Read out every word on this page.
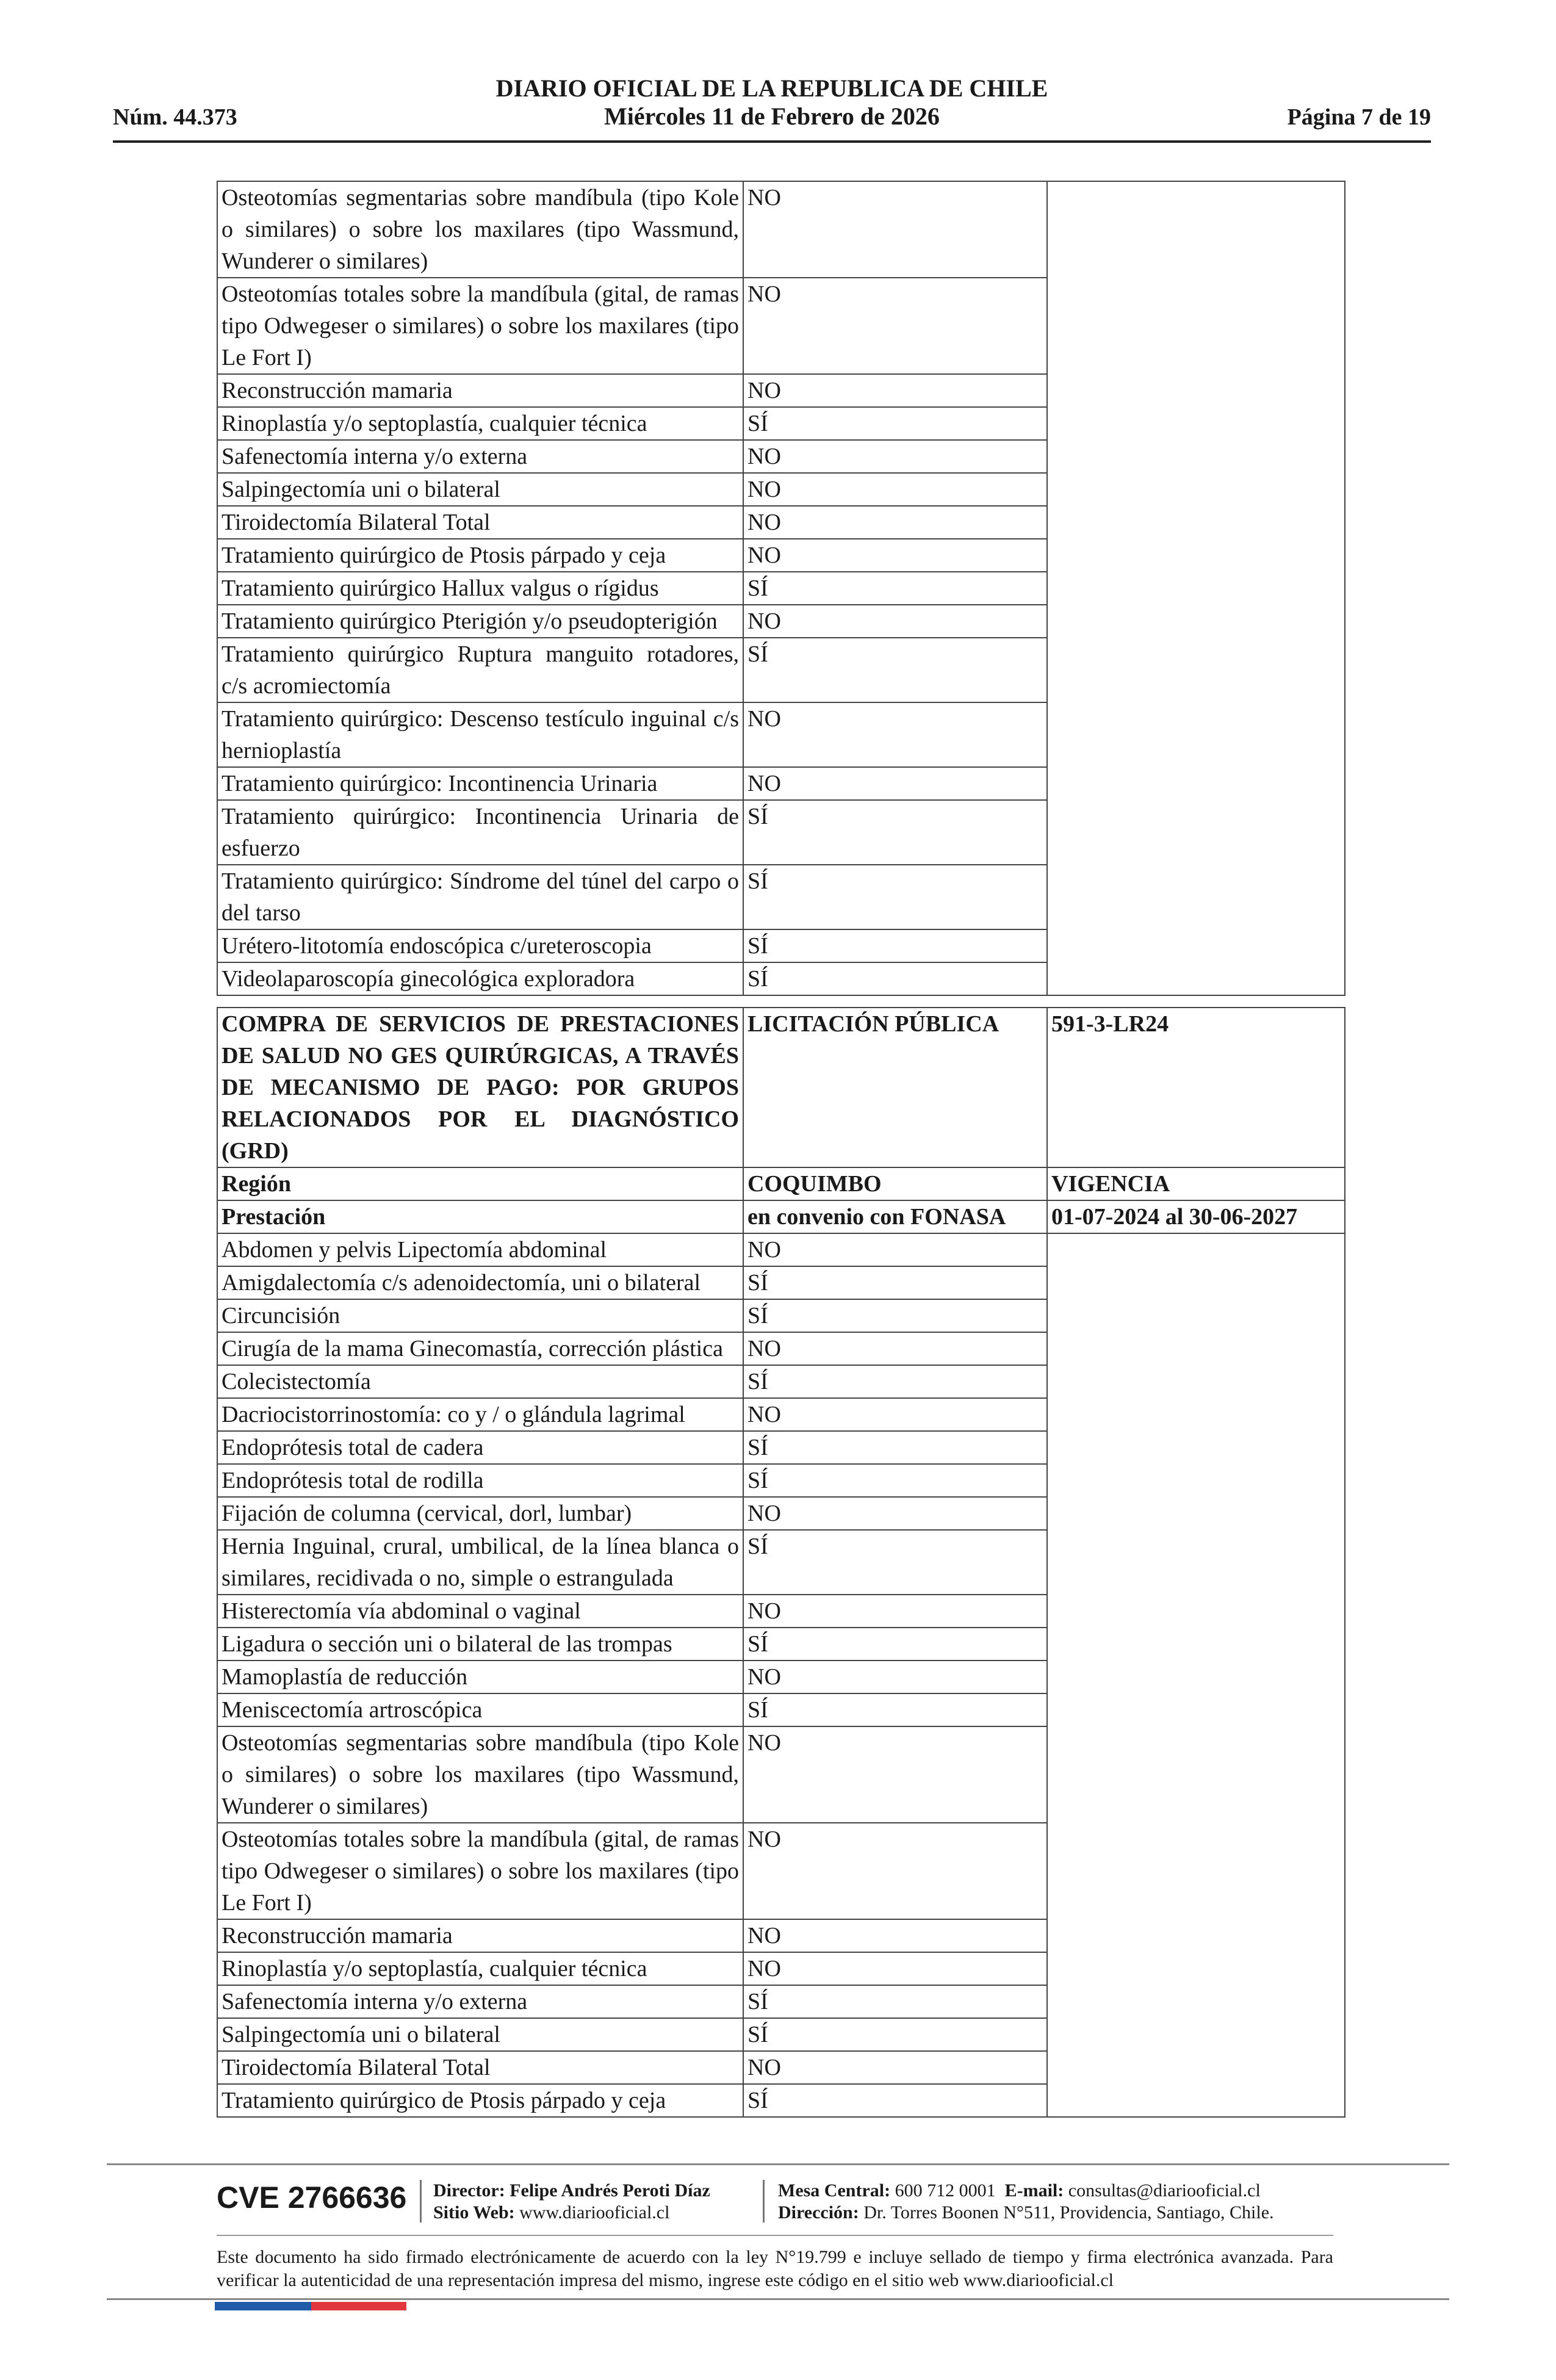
Núm. 44.373
DIARIO OFICIAL DE LA REPUBLICA DE CHILE
Miércoles 11 de Febrero de 2026	Página 7 de 19
Osteotomías segmentarias sobre mandíbula (tipo Kole o similares) o sobre los maxilares (tipo Wassmund, Wunderer o similares)	NO	
Osteotomías totales sobre la mandíbula (gital, de ramas tipo Odwegeser o similares) o sobre los maxilares (tipo Le Fort I)	NO	
Reconstrucción mamaria	NO	
Rinoplastía y/o septoplastía, cualquier técnica	SÍ	
Safenectomía interna y/o externa	NO	
Salpingectomía uni o bilateral	NO	
Tiroidectomía Bilateral Total	NO	
Tratamiento quirúrgico de Ptosis párpado y ceja	NO	
Tratamiento quirúrgico Hallux valgus o rígidus	SÍ	
Tratamiento quirúrgico Pterigión y/o pseudopterigión	NO	
Tratamiento quirúrgico Ruptura manguito rotadores, c/s acromiectomía	SÍ	
Tratamiento quirúrgico: Descenso testículo inguinal c/s hernioplastía	NO	
Tratamiento quirúrgico: Incontinencia Urinaria	NO	
Tratamiento quirúrgico: Incontinencia Urinaria de esfuerzo	SÍ	
Tratamiento quirúrgico: Síndrome del túnel del carpo o del tarso	SÍ	
Urétero-litotomía endoscópica c/ureteroscopia	SÍ	
Videolaparoscopía ginecológica exploradora	SÍ	
COMPRA DE SERVICIOS DE PRESTACIONES DE SALUD NO GES QUIRÚRGICAS, A TRAVÉS DE MECANISMO DE PAGO: POR GRUPOS RELACIONADOS POR EL DIAGNÓSTICO (GRD)	LICITACIÓN PÚBLICA	591-3-LR24
Región	COQUIMBO	VIGENCIA
Prestación	en convenio con FONASA	01-07-2024 al 30-06-2027
Abdomen y pelvis Lipectomía abdominal	NO	
Amigdalectomía c/s adenoidectomía, uni o bilateral	SÍ	
Circuncisión	SÍ	
Cirugía de la mama Ginecomastía, corrección plástica	NO	
Colecistectomía	SÍ	
Dacriocistorrinostomía: co y / o glándula lagrimal	NO	
Endoprótesis total de cadera	SÍ	
Endoprótesis total de rodilla	SÍ	
Fijación de columna (cervical, dorl, lumbar)	NO	
Hernia Inguinal, crural, umbilical, de la línea blanca o similares, recidivada o no, simple o estrangulada	SÍ	
Histerectomía vía abdominal o vaginal	NO	
Ligadura o sección uni o bilateral de las trompas	SÍ	
Mamoplastía de reducción	NO	
Meniscectomía artroscópica	SÍ	
Osteotomías segmentarias sobre mandíbula (tipo Kole o similares) o sobre los maxilares (tipo Wassmund, Wunderer o similares)	NO	
Osteotomías totales sobre la mandíbula (gital, de ramas tipo Odwegeser o similares) o sobre los maxilares (tipo Le Fort I)	NO	
Reconstrucción mamaria	NO	
Rinoplastía y/o septoplastía, cualquier técnica	NO	
Safenectomía interna y/o externa	SÍ	
Salpingectomía uni o bilateral	SÍ	
Tiroidectomía Bilateral Total	NO	
Tratamiento quirúrgico de Ptosis párpado y ceja	SÍ	
CVE 2766636 Director: Felipe Andrés Peroti Díaz
Sitio Web: www.diariooficial.cl
Mesa Central: 600 712 0001 E-mail: consultas@diariooficial.cl
Dirección: Dr. Torres Boonen N°511, Providencia, Santiago, Chile.
Este documento ha sido firmado electrónicamente de acuerdo con la ley N°19.799 e incluye sellado de tiempo y firma electrónica avanzada. Para verificar la autenticidad de una representación impresa del mismo, ingrese este código en el sitio web www.diariooficial.cl
